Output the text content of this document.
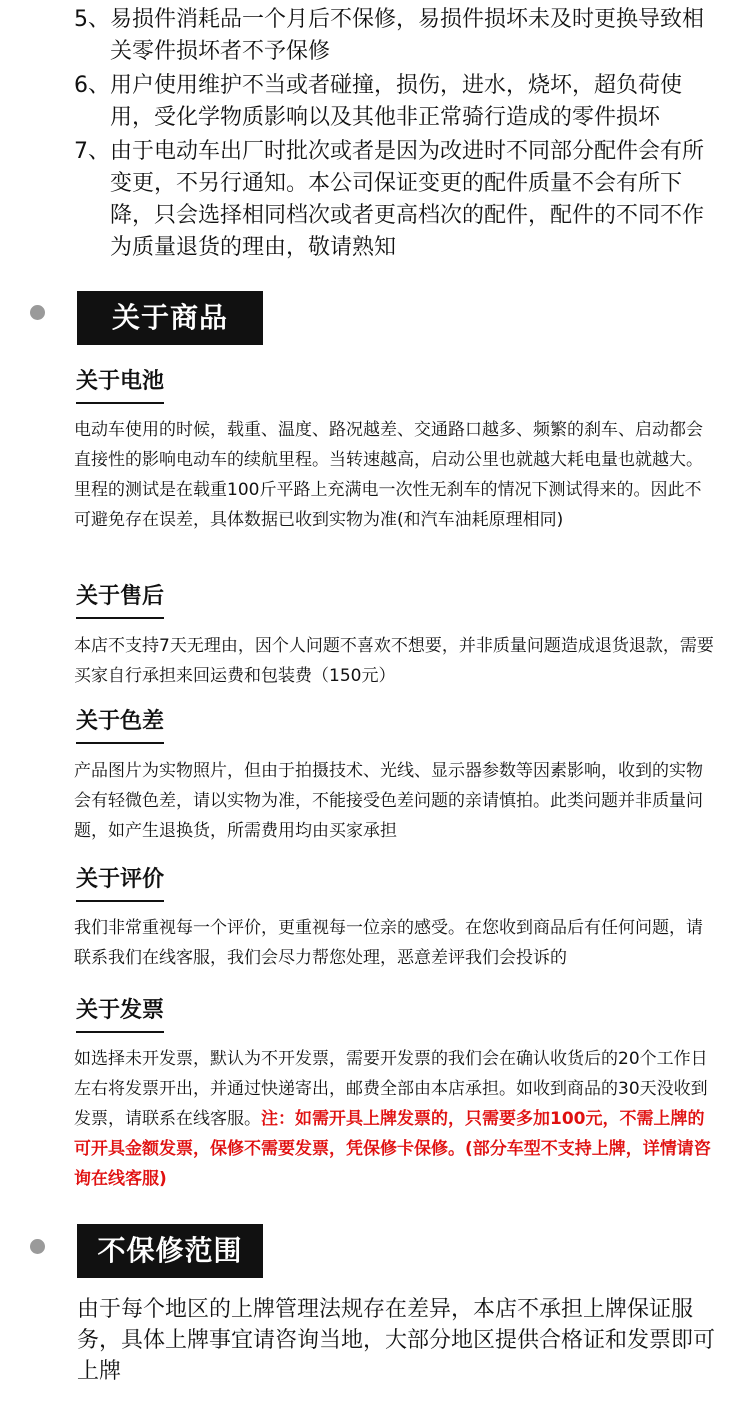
5、 易损件消耗品一个月后不保修，易损件损坏未及时更换导致相关零件损坏者不予保修
6、 用户使用维护不当或者碰撞，损伤，进水，烧坏，超负荷使用，受化学物质影响以及其他非正常骑行造成的零件损坏
7、 由于电动车出厂时批次或者是因为改进时不同部分配件会有所变更，不另行通知。本公司保证变更的配件质量不会有所下降，只会选择相同档次或者更高档次的配件，配件的不同不作为质量退货的理由，敬请熟知
关于商品
关于电池
电动车使用的时候，载重、温度、路况越差、交通路口越多、频繁的刹车、启动都会直接性的影响电动车的续航里程。当转速越高，启动公里也就越大耗电量也就越大。里程的测试是在载重100斤平路上充满电一次性无刹车的情况下测试得来的。因此不可避免存在误差，具体数据已收到实物为准(和汽车油耗原理相同)
关于售后
本店不支持7天无理由，因个人问题不喜欢不想要，并非质量问题造成退货退款，需要买家自行承担来回运费和包装费（150元）
关于色差
产品图片为实物照片，但由于拍摄技术、光线、显示器参数等因素影响，收到的实物会有轻微色差，请以实物为准，不能接受色差问题的亲请慎拍。此类问题并非质量问题，如产生退换货，所需费用均由买家承担
关于评价
我们非常重视每一个评价，更重视每一位亲的感受。在您收到商品后有任何问题，请联系我们在线客服，我们会尽力帮您处理，恶意差评我们会投诉的
关于发票
如选择未开发票，默认为不开发票，需要开发票的我们会在确认收货后的20个工作日左右将发票开出，并通过快递寄出，邮费全部由本店承担。如收到商品的30天没收到发票，请联系在线客服。注：如需开具上牌发票的，只需要多加100元，不需上牌的可开具金额发票，保修不需要发票，凭保修卡保修。(部分车型不支持上牌，详情请咨询在线客服)
不保修范围
由于每个地区的上牌管理法规存在差异，本店不承担上牌保证服务，具体上牌事宜请咨询当地，大部分地区提供合格证和发票即可上牌
